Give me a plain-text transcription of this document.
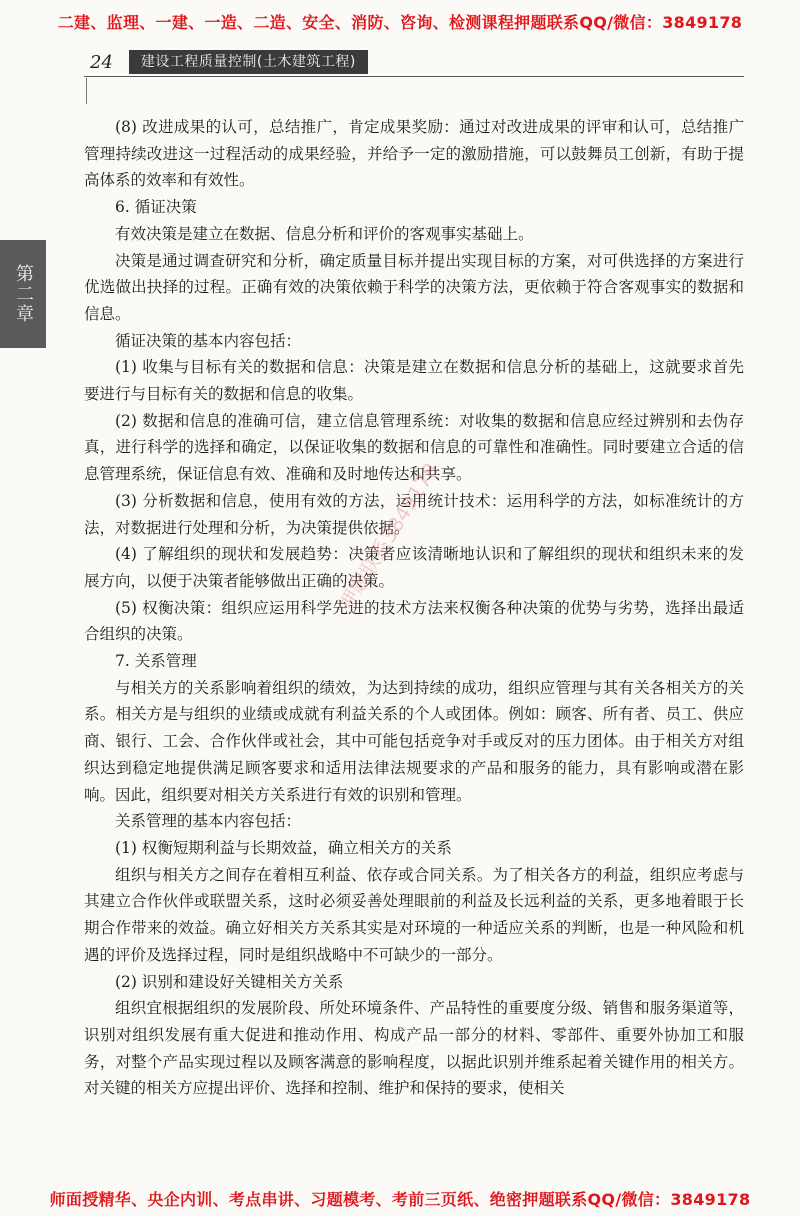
二建、监理、一建、一造、二造、安全、消防、咨询、检测课程押题联系QQ/微信：3849178
24	建设工程质量控制(土木建筑工程)
第二章

(8) 改进成果的认可，总结推广，肯定成果奖励：通过对改进成果的评审和认可，总结推广管理持续改进这一过程活动的成果经验，并给予一定的激励措施，可以鼓舞员工创新，有助于提高体系的效率和有效性。

6. 循证决策

有效决策是建立在数据、信息分析和评价的客观事实基础上。

决策是通过调查研究和分析，确定质量目标并提出实现目标的方案，对可供选择的方案进行优选做出抉择的过程。正确有效的决策依赖于科学的决策方法，更依赖于符合客观事实的数据和信息。

循证决策的基本内容包括：

(1) 收集与目标有关的数据和信息：决策是建立在数据和信息分析的基础上，这就要求首先要进行与目标有关的数据和信息的收集。

(2) 数据和信息的准确可信，建立信息管理系统：对收集的数据和信息应经过辨别和去伪存真，进行科学的选择和确定，以保证收集的数据和信息的可靠性和准确性。同时要建立合适的信息管理系统，保证信息有效、准确和及时地传达和共享。

(3) 分析数据和信息，使用有效的方法，运用统计技术：运用科学的方法，如标准统计的方法，对数据进行处理和分析，为决策提供依据。

(4) 了解组织的现状和发展趋势：决策者应该清晰地认识和了解组织的现状和组织未来的发展方向，以便于决策者能够做出正确的决策。

(5) 权衡决策：组织应运用科学先进的技术方法来权衡各种决策的优势与劣势，选择出最适合组织的决策。

7. 关系管理

与相关方的关系影响着组织的绩效，为达到持续的成功，组织应管理与其有关各相关方的关系。相关方是与组织的业绩或成就有利益关系的个人或团体。例如：顾客、所有者、员工、供应商、银行、工会、合作伙伴或社会，其中可能包括竞争对手或反对的压力团体。由于相关方对组织达到稳定地提供满足顾客要求和适用法律法规要求的产品和服务的能力，具有影响或潜在影响。因此，组织要对相关方关系进行有效的识别和管理。

关系管理的基本内容包括：

(1) 权衡短期利益与长期效益，确立相关方的关系

组织与相关方之间存在着相互利益、依存或合同关系。为了相关各方的利益，组织应考虑与其建立合作伙伴或联盟关系，这时必须妥善处理眼前的利益及长远利益的关系，更多地着眼于长期合作带来的效益。确立好相关方关系其实是对环境的一种适应关系的判断，也是一种风险和机遇的评价及选择过程，同时是组织战略中不可缺少的一部分。

(2) 识别和建设好关键相关方关系

组织宜根据组织的发展阶段、所处环境条件、产品特性的重要度分级、销售和服务渠道等，识别对组织发展有重大促进和推动作用、构成产品一部分的材料、零部件、重要外协加工和服务，对整个产品实现过程以及顾客满意的影响程度，以据此识别并维系起着关键作用的相关方。对关键的相关方应提出评价、选择和控制、维护和保持的要求，使相关

押题联系3849178
师面授精华、央企内训、考点串讲、习题模考、考前三页纸、绝密押题联系QQ/微信：3849178
